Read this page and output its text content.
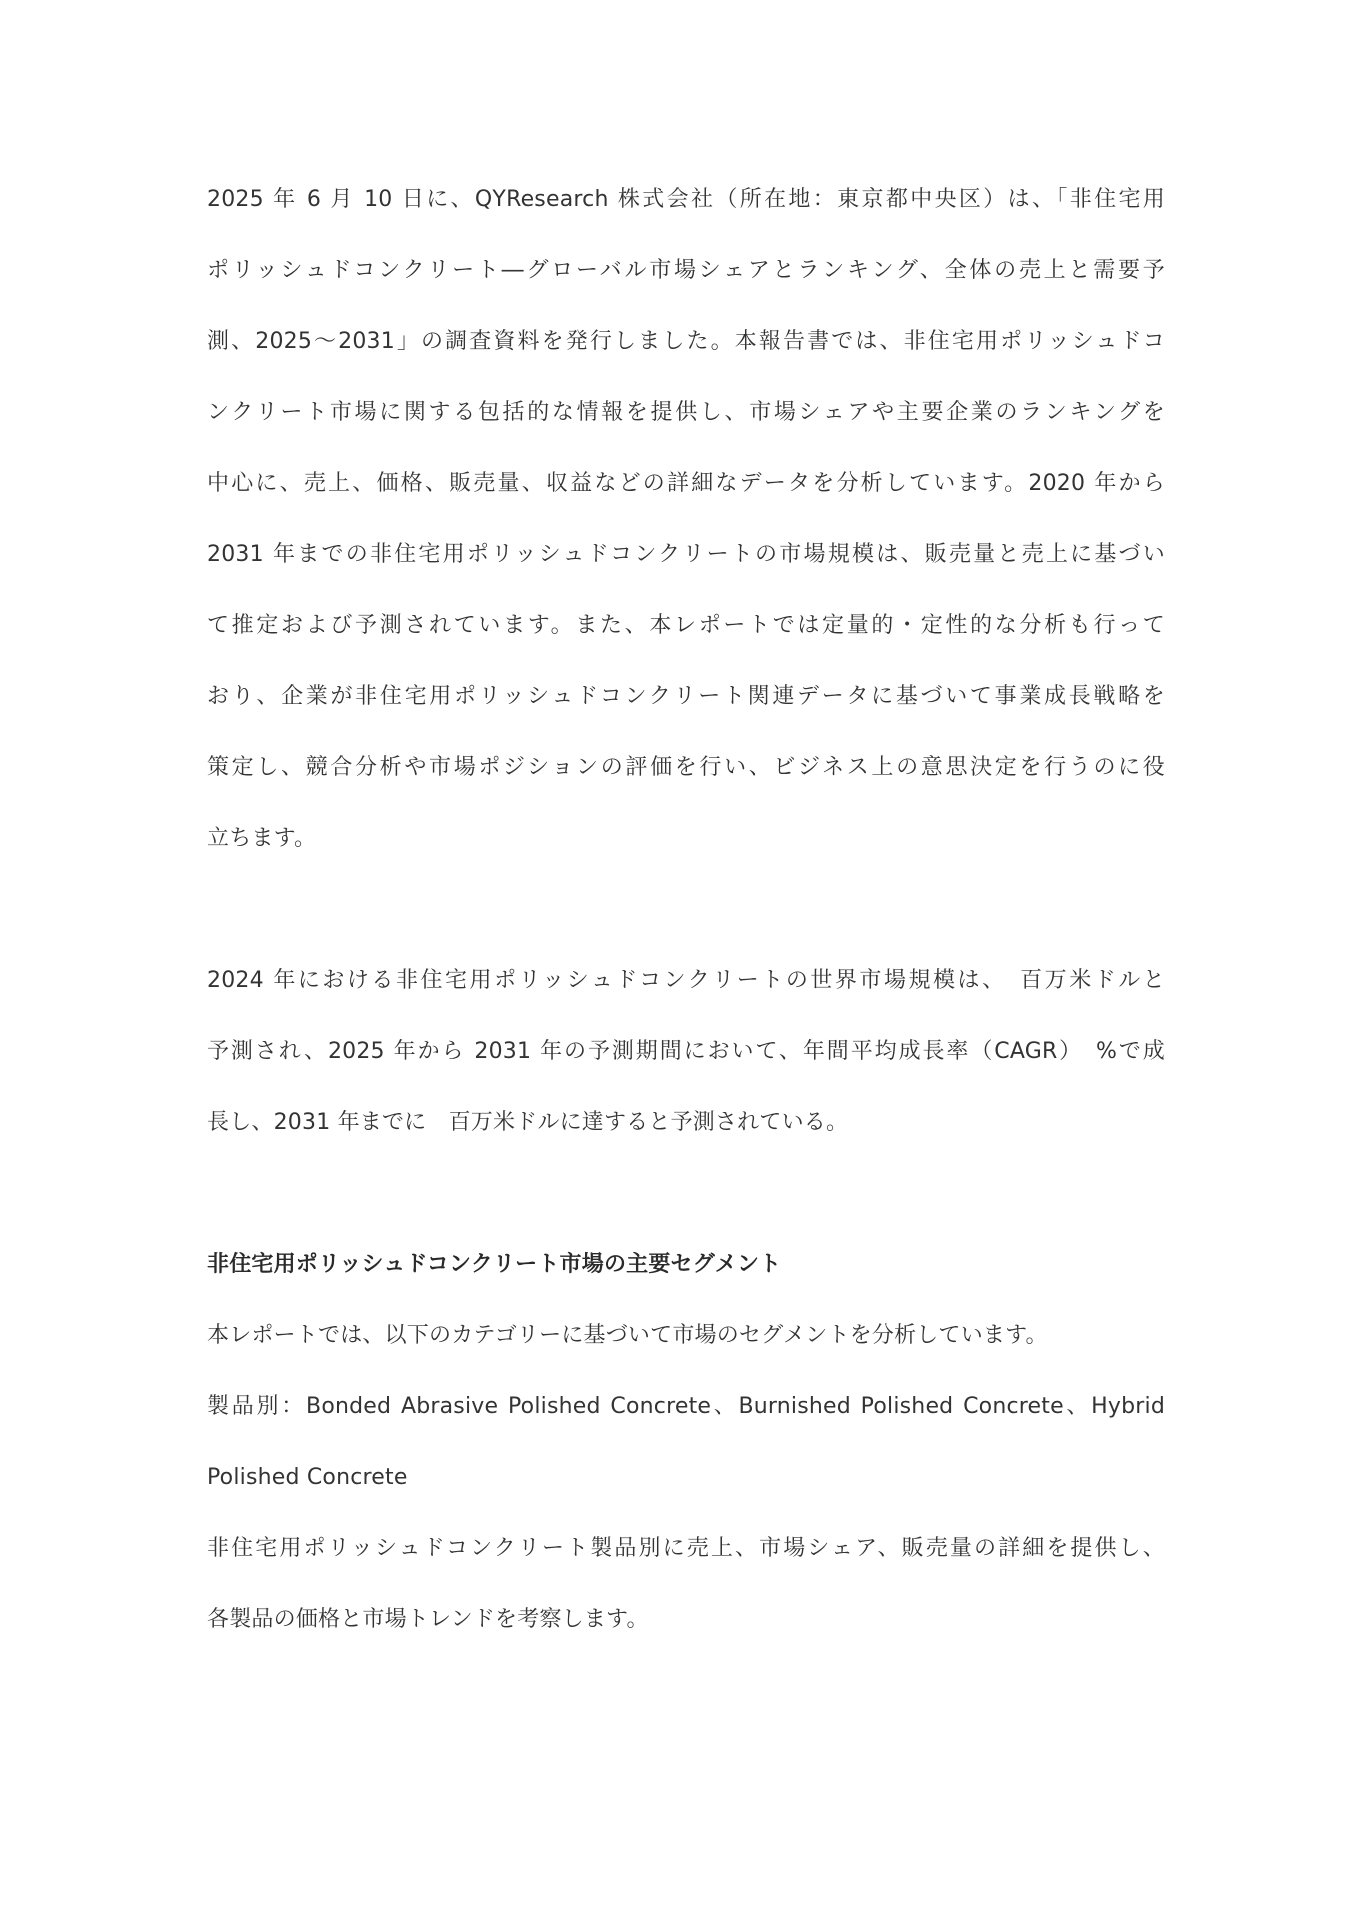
2025 年 6 月 10 日に、QYResearch 株式会社（所在地：東京都中央区）は、「非住宅用
ポリッシュドコンクリート―グローバル市場シェアとランキング、全体の売上と需要予
測、2025～2031」の調査資料を発行しました。本報告書では、非住宅用ポリッシュドコ
ンクリート市場に関する包括的な情報を提供し、市場シェアや主要企業のランキングを
中心に、売上、価格、販売量、収益などの詳細なデータを分析しています。2020 年から
2031 年までの非住宅用ポリッシュドコンクリートの市場規模は、販売量と売上に基づい
て推定および予測されています。また、本レポートでは定量的・定性的な分析も行って
おり、企業が非住宅用ポリッシュドコンクリート関連データに基づいて事業成長戦略を
策定し、競合分析や市場ポジションの評価を行い、ビジネス上の意思決定を行うのに役
立ちます。
2024 年における非住宅用ポリッシュドコンクリートの世界市場規模は、　百万米ドルと
予測され、2025 年から 2031 年の予測期間において、年間平均成長率（CAGR）　%で成
長し、2031 年までに　百万米ドルに達すると予測されている。
非住宅用ポリッシュドコンクリート市場の主要セグメント
本レポートでは、以下のカテゴリーに基づいて市場のセグメントを分析しています。
製品別：Bonded Abrasive Polished Concrete、Burnished Polished Concrete、Hybrid
Polished Concrete
非住宅用ポリッシュドコンクリート製品別に売上、市場シェア、販売量の詳細を提供し、
各製品の価格と市場トレンドを考察します。
